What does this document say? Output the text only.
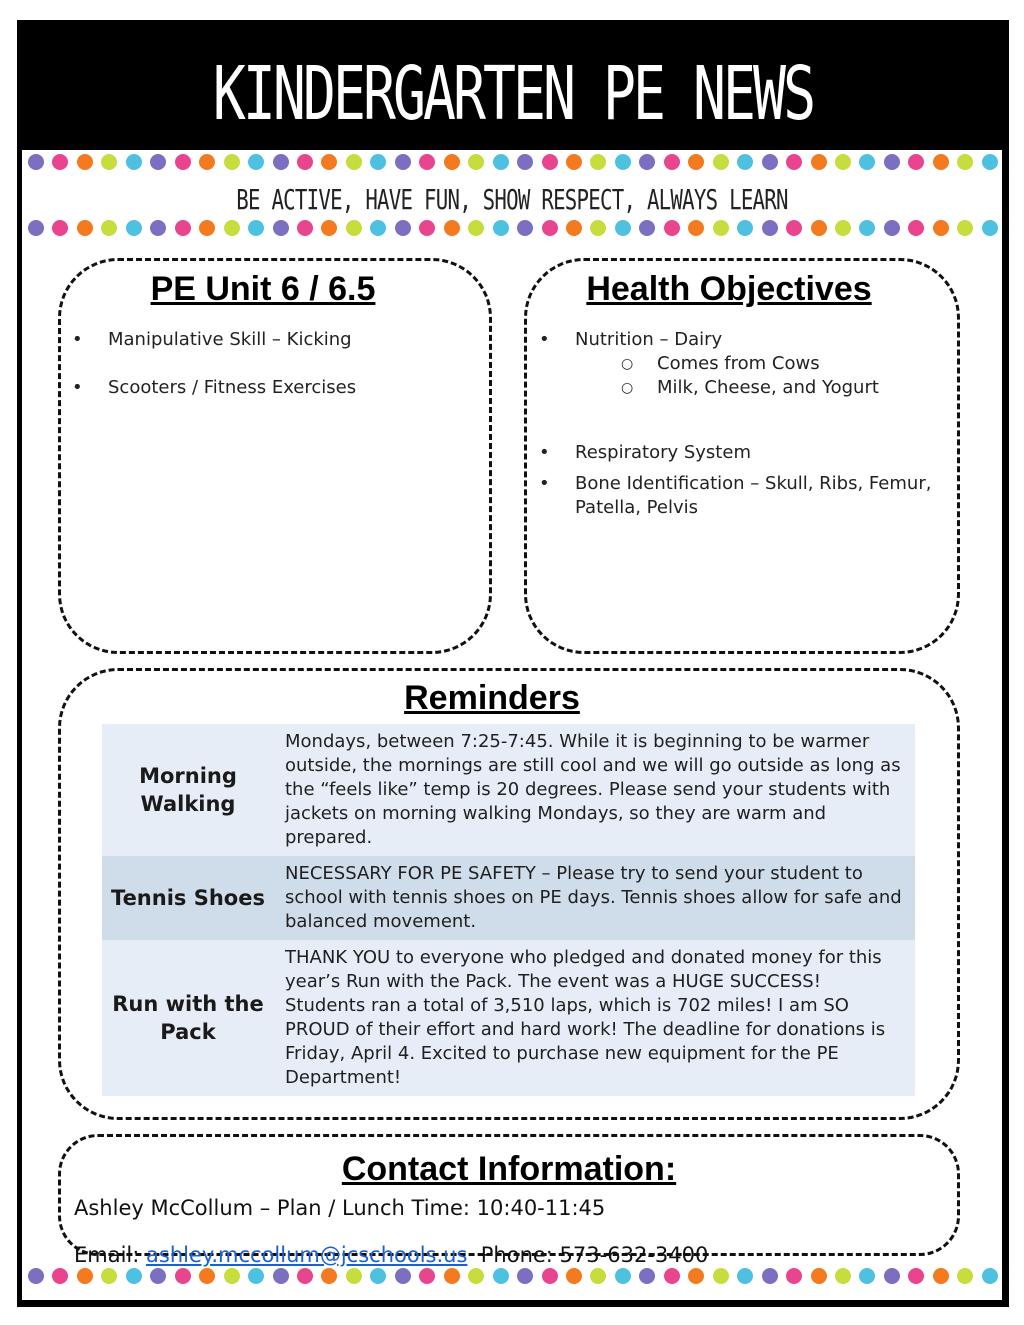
KINDERGARTEN PE NEWS
BE ACTIVE, HAVE FUN, SHOW RESPECT, ALWAYS LEARN
PE Unit 6 / 6.5
• Manipulative Skill – Kicking
• Scooters / Fitness Exercises
Health Objectives
• Nutrition – Dairy
○ Comes from Cows
○ Milk, Cheese, and Yogurt
• Respiratory System
• Bone Identification – Skull, Ribs, Femur, Patella, Pelvis
Reminders
Morning Walking
Mondays, between 7:25-7:45. While it is beginning to be warmer outside, the mornings are still cool and we will go outside as long as the “feels like” temp is 20 degrees. Please send your students with jackets on morning walking Mondays, so they are warm and prepared.
Tennis Shoes
NECESSARY FOR PE SAFETY – Please try to send your student to school with tennis shoes on PE days. Tennis shoes allow for safe and balanced movement.
Run with the Pack
THANK YOU to everyone who pledged and donated money for this year’s Run with the Pack. The event was a HUGE SUCCESS! Students ran a total of 3,510 laps, which is 702 miles! I am SO PROUD of their effort and hard work! The deadline for donations is Friday, April 4. Excited to purchase new equipment for the PE Department!
Contact Information:
Ashley McCollum – Plan / Lunch Time: 10:40-11:45
Email: ashley.mccollum@jcschools.us  Phone: 573-632-3400
